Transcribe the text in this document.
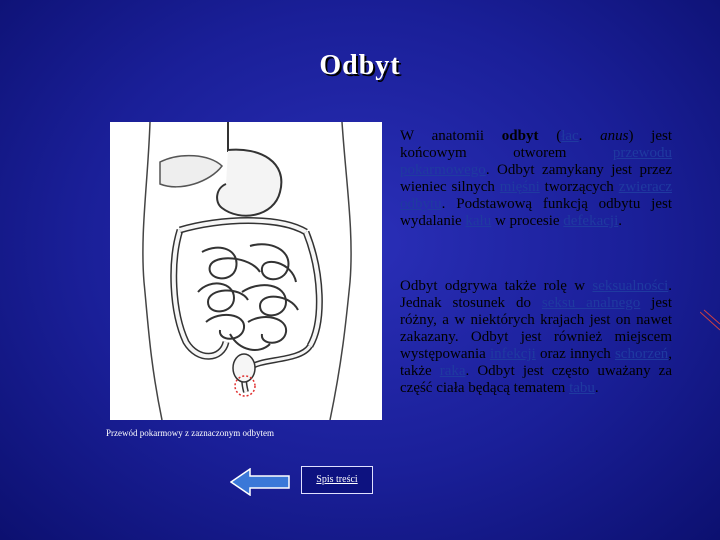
Odbyt
Przewód pokarmowy z zaznaczonym odbytem
W anatomii odbyt (łac. anus) jest końcowym otworem przewodu pokarmowego. Odbyt zamykany jest przez wieniec silnych mięśni tworzących zwieracz odbytu. Podstawową funkcją odbytu jest wydalanie kału w procesie defekacji.
Odbyt odgrywa także rolę w seksualności. Jednak stosunek do seksu analnego jest różny, a w niektórych krajach jest on nawet zakazany. Odbyt jest również miejscem występowania infekcji oraz innych schorzeń, także raka. Odbyt jest często uważany za część ciała będącą tematem tabu.
Spis treści
